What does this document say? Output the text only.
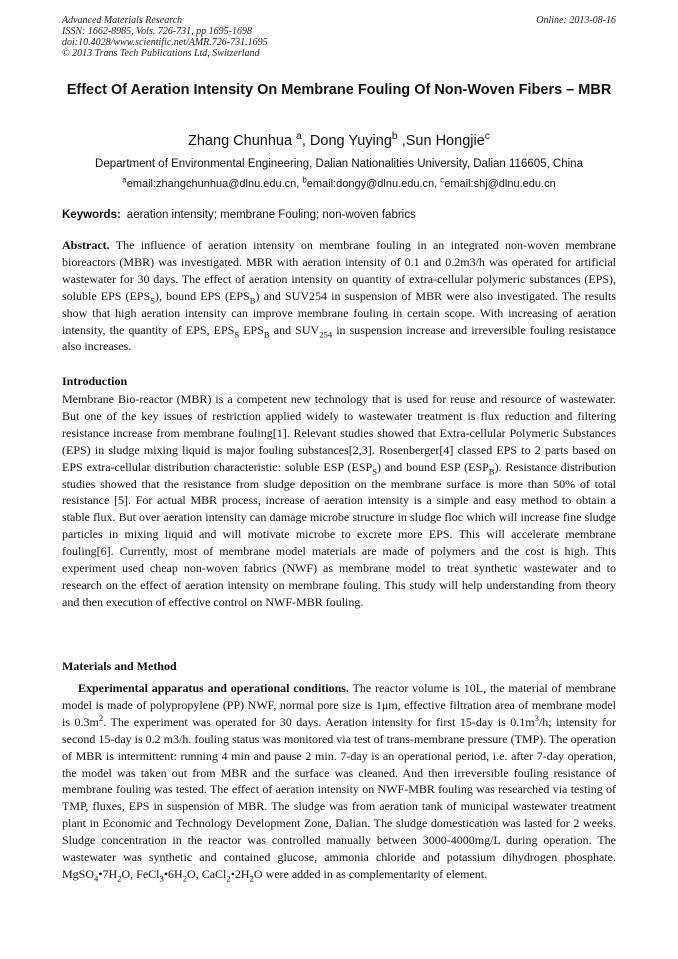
Advanced Materials Research
ISSN: 1662-8985, Vols. 726-731, pp 1695-1698
doi:10.4028/www.scientific.net/AMR.726-731.1695
© 2013 Trans Tech Publications Ltd, Switzerland
Online: 2013-08-16
Effect Of Aeration Intensity On Membrane Fouling Of Non-Woven Fibers – MBR
Zhang Chunhua $^a$, Dong Yuying$^b$ ,Sun Hongjie$^c$
Department of Environmental Engineering, Dalian Nationalities University, Dalian 116605, China
$^a$email:zhangchunhua@dlnu.edu.cn, $^b$email:dongy@dlnu.edu.cn, $^c$email:shj@dlnu.edu.cn
Keywords: aeration intensity; membrane Fouling; non-woven fabrics
Abstract. The influence of aeration intensity on membrane fouling in an integrated non-woven membrane bioreactors (MBR) was investigated. MBR with aeration intensity of 0.1 and 0.2m3/h was operated for artificial wastewater for 30 days. The effect of aeration intensity on quantity of extra-cellular polymeric substances (EPS), soluble EPS $(EPS_S)$, bound EPS $(EPS_B)$ and SUV254 in suspension of MBR were also investigated. The results show that high aeration intensity can improve membrane fouling in certain scope. With increasing of aeration intensity, the quantity of EPS, $EPS_S$ $EPS_B$ and $SUV_{254}$ in suspension increase and irreversible fouling resistance also increases.
Introduction
Membrane Bio-reactor (MBR) is a competent new technology that is used for reuse and resource of wastewater. But one of the key issues of restriction applied widely to wastewater treatment is flux reduction and filtering resistance increase from membrane fouling[1]. Relevant studies showed that Extra-cellular Polymeric Substances (EPS) in sludge mixing liquid is major fouling substances[2,3]. Rosenberger[4] classed EPS to 2 parts based on EPS extra-cellular distribution characteristic: soluble ESP $(ESP_S)$ and bound ESP $(ESP_B)$. Resistance distribution studies showed that the resistance from sludge deposition on the membrane surface is more than 50% of total resistance [5]. For actual MBR process, increase of aeration intensity is a simple and easy method to obtain a stable flux. But over aeration intensity can damage microbe structure in sludge floc which will increase fine sludge particles in mixing liquid and will motivate microbe to excrete more EPS. This will accelerate membrane fouling[6]. Currently, most of membrane model materials are made of polymers and the cost is high. This experiment used cheap non-woven fabrics (NWF) as membrane model to treat synthetic wastewater and to research on the effect of aeration intensity on membrane fouling. This study will help understanding from theory and then execution of effective control on NWF-MBR fouling.
Materials and Method
Experimental apparatus and operational conditions. The reactor volume is 10L, the material of membrane model is made of polypropylene (PP) NWF, normal pore size is 1μm, effective filtration area of membrane model is $0.3m^2$. The experiment was operated for 30 days. Aeration intensity for first 15-day is $0.1m^3/h$; intensity for second 15-day is 0.2 m3/h. fouling status was monitored via test of trans-membrane pressure (TMP). The operation of MBR is intermittent: running 4 min and pause 2 min. 7-day is an operational period, i.e. after 7-day operation, the model was taken out from MBR and the surface was cleaned. And then irreversible fouling resistance of membrane fouling was tested. The effect of aeration intensity on NWF-MBR fouling was researched via testing of TMP, fluxes, EPS in suspension of MBR. The sludge was from aeration tank of municipal wastewater treatment plant in Economic and Technology Development Zone, Dalian. The sludge domestication was lasted for 2 weeks. Sludge concentration in the reactor was controlled manually between 3000-4000mg/L during operation. The wastewater was synthetic and contained glucose, ammonia chloride and potassium dihydrogen phosphate. $MgSO_4•7H_2O$, $FeCl_3•6H_2O$, $CaCl_2•2H_2O$ were added in as complementarity of element.
